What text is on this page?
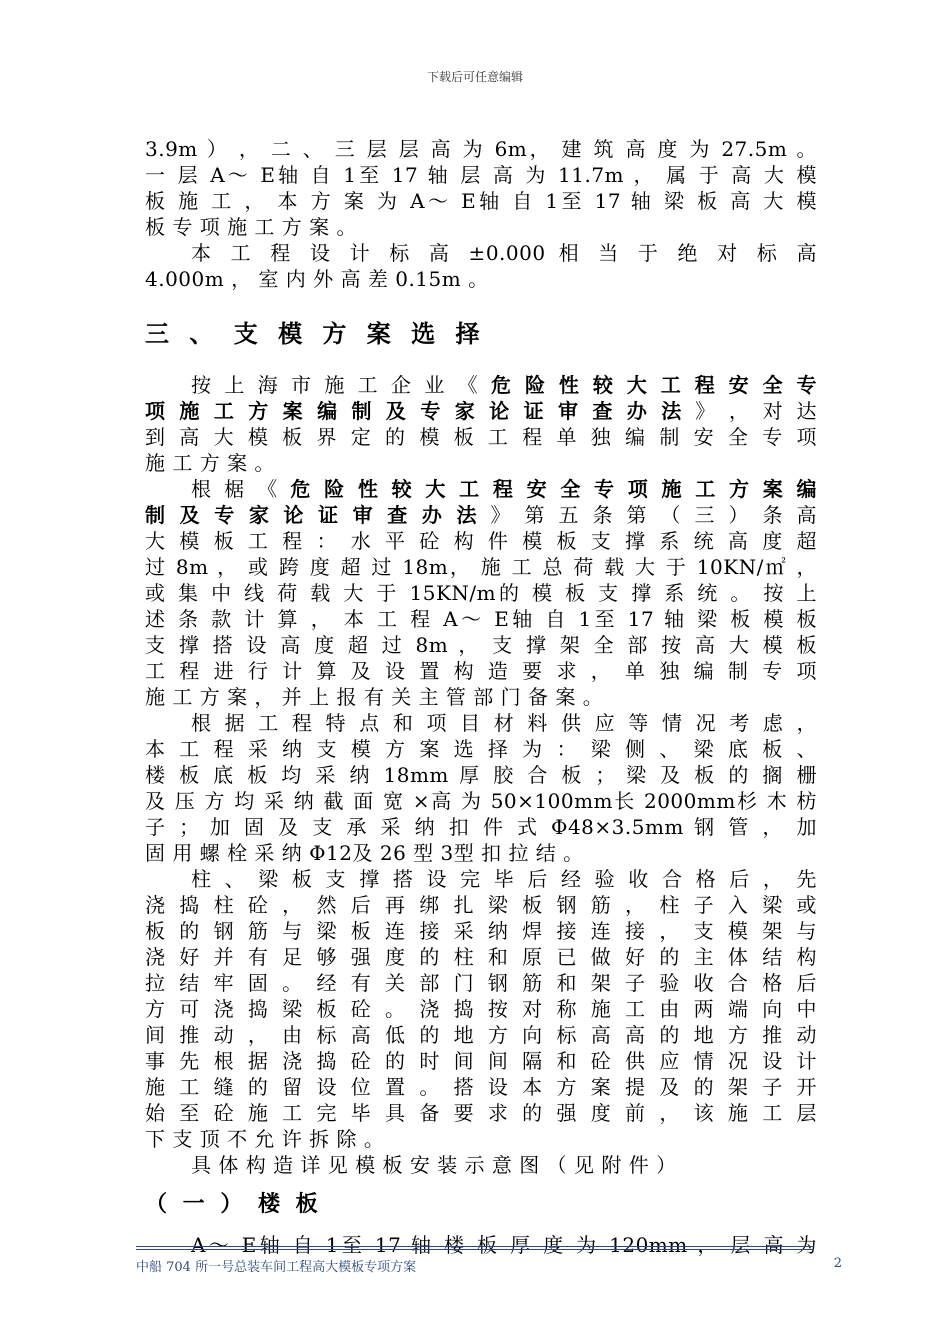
下载后可任意编辑
3.9m ） ， 二 、 三 层 层 高 为 6m， 建 筑 高 度 为 27.5m 。
一 层 A～ E轴 自 1至 17 轴 层 高 为 11.7m ， 属 于 高 大 模
板 施 工 ， 本 方 案 为 A～ E轴 自 1至 17 轴 梁 板 高 大 模
板 专 项 施 工 方 案 。
本 工 程 设 计 标 高 ±0.000 相 当 于 绝 对 标 高
4.000m ， 室 内 外 高 差 0.15m 。
三 、 支 模 方 案 选 择
按 上 海 市 施 工 企 业 《 危 险 性 较 大 工 程 安 全 专
项 施 工 方 案 编 制 及 专 家 论 证 审 查 办 法 》 ， 对 达
到 高 大 模 板 界 定 的 模 板 工 程 单 独 编 制 安 全 专 项
施 工 方 案 。
根 椐 《 危 险 性 较 大 工 程 安 全 专 项 施 工 方 案 编
制 及 专 家 论 证 审 查 办 法 》 第 五 条 第 （ 三 ） 条 高
大 模 板 工 程 ： 水 平 砼 构 件 模 板 支 撑 系 统 高 度 超
过 8m ， 或 跨 度 超 过 18m， 施 工 总 荷 载 大 于 10KN/㎡ ，
或 集 中 线 荷 载 大 于 15KN/m的 模 板 支 撑 系 统 。 按 上
述 条 款 计 算 ， 本 工 程 A～ E轴 自 1至 17 轴 梁 板 模 板
支 撑 搭 设 高 度 超 过 8m ， 支 撑 架 全 部 按 高 大 模 板
工 程 进 行 计 算 及 设 置 构 造 要 求 ， 单 独 编 制 专 项
施 工 方 案 ， 并 上 报 有 关 主 管 部 门 备 案 。
根 据 工 程 特 点 和 项 目 材 料 供 应 等 情 况 考 虑 ，
本 工 程 采 纳 支 模 方 案 选 择 为 ： 梁 侧 、 梁 底 板 、
楼 板 底 板 均 采 纳 18mm 厚 胶 合 板 ； 梁 及 板 的 搁 栅
及 压 方 均 采 纳 截 面 宽 ×高 为 50×100mm长 2000mm杉 木 枋
子 ； 加 固 及 支 承 采 纳 扣 件 式 Φ48×3.5mm 钢 管 ， 加
固 用 螺 栓 采 纳 Φ12及 26 型 3型 扣 拉 结 。
柱 、 梁 板 支 撑 搭 设 完 毕 后 经 验 收 合 格 后 ， 先
浇 捣 柱 砼 ， 然 后 再 绑 扎 梁 板 钢 筋 ， 柱 子 入 梁 或
板 的 钢 筋 与 梁 板 连 接 采 纳 焊 接 连 接 ， 支 模 架 与
浇 好 并 有 足 够 强 度 的 柱 和 原 已 做 好 的 主 体 结 构
拉 结 牢 固 。 经 有 关 部 门 钢 筋 和 架 子 验 收 合 格 后
方 可 浇 捣 梁 板 砼 。 浇 捣 按 对 称 施 工 由 两 端 向 中
间 推 动 ， 由 标 高 低 的 地 方 向 标 高 高 的 地 方 推 动
事 先 根 据 浇 捣 砼 的 时 间 间 隔 和 砼 供 应 情 况 设 计
施 工 缝 的 留 设 位 置 。 搭 设 本 方 案 提 及 的 架 子 开
始 至 砼 施 工 完 毕 具 备 要 求 的 强 度 前 ， 该 施 工 层
下 支 顶 不 允 许 拆 除 。
具 体 构 造 详 见 模 板 安 装 示 意 图 （ 见 附 件 ）
（ 一 ） 楼 板
A～ E轴 自 1至 17 轴 楼 板 厚 度 为 120mm ， 层 高 为
中船 704 所一号总装车间工程高大模板专项方案	2
